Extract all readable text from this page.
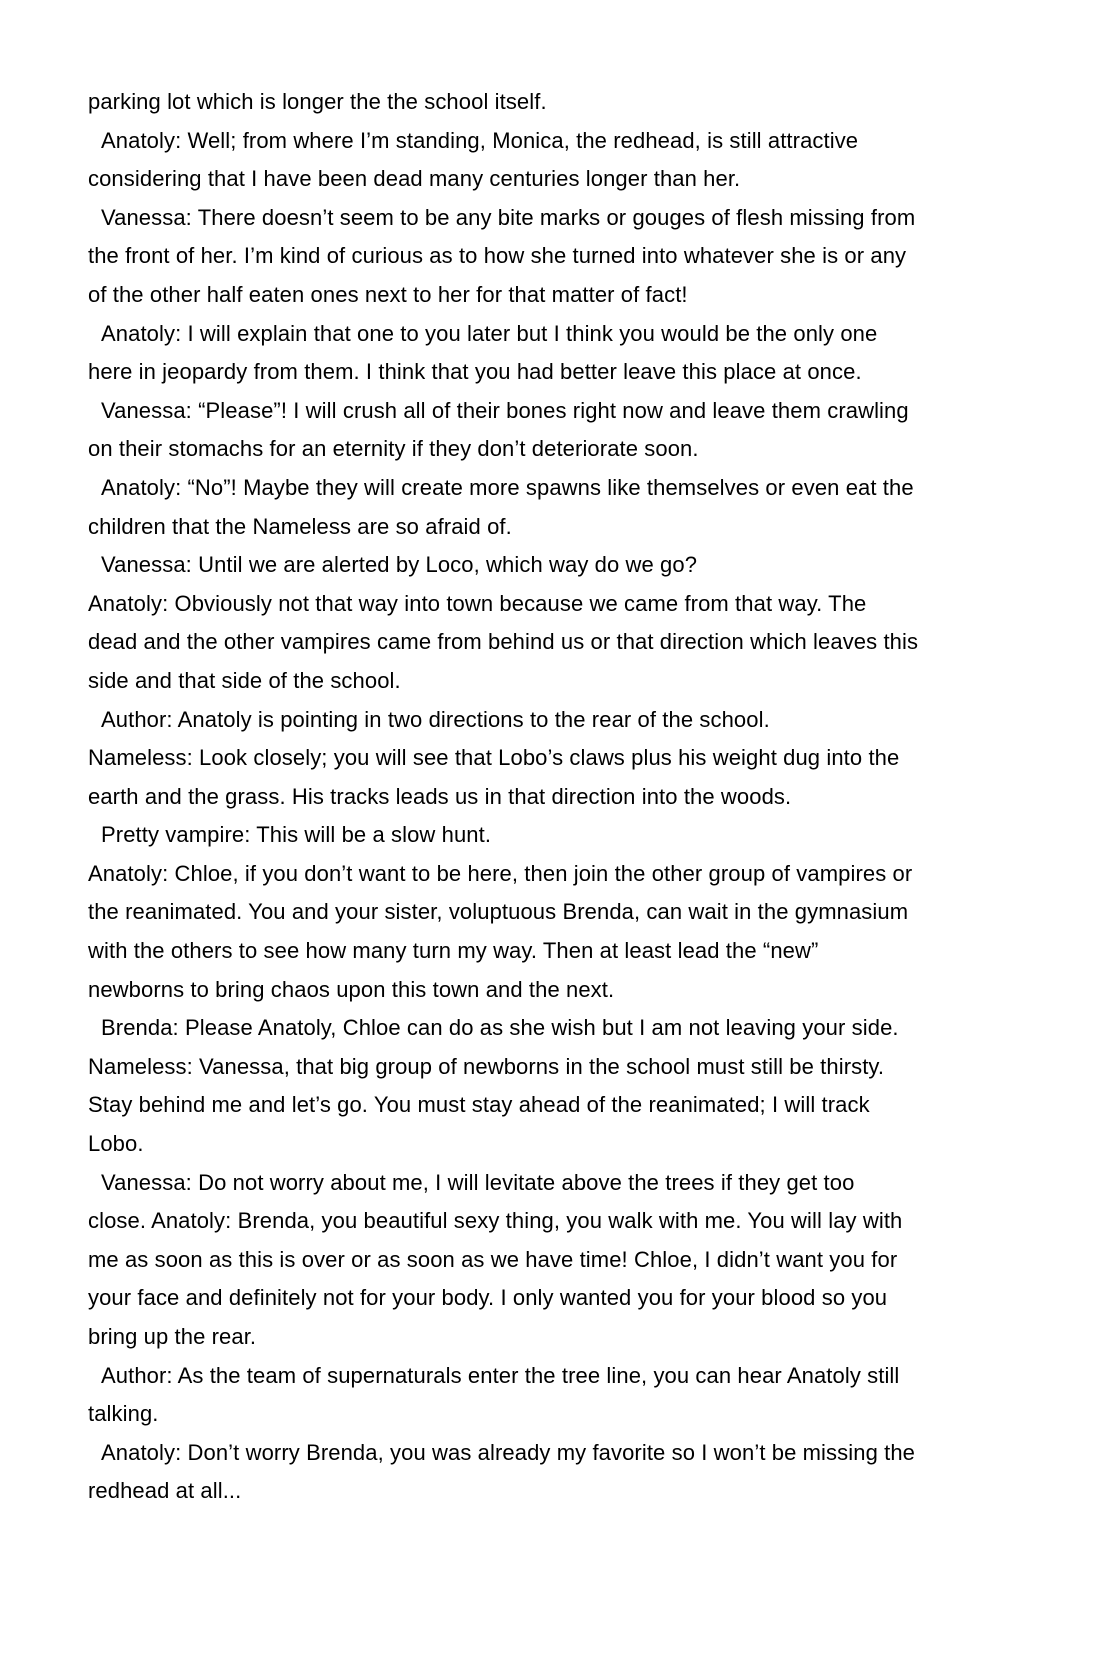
parking lot which is longer the the school itself.
Anatoly: Well; from where I’m standing, Monica, the redhead, is still attractive
considering that I have been dead many centuries longer than her.
Vanessa: There doesn’t seem to be any bite marks or gouges of flesh missing from
the front of her. I’m kind of curious as to how she turned into whatever she is or any
of the other half eaten ones next to her for that matter of fact!
Anatoly: I will explain that one to you later but I think you would be the only one
here in jeopardy from them. I think that you had better leave this place at once.
Vanessa: “Please”! I will crush all of their bones right now and leave them crawling
on their stomachs for an eternity if they don’t deteriorate soon.
Anatoly: “No”! Maybe they will create more spawns like themselves or even eat the
children that the Nameless are so afraid of.
Vanessa: Until we are alerted by Loco, which way do we go?
Anatoly: Obviously not that way into town because we came from that way. The
dead and the other vampires came from behind us or that direction which leaves this
side and that side of the school.
Author: Anatoly is pointing in two directions to the rear of the school.
Nameless: Look closely; you will see that Lobo’s claws plus his weight dug into the
earth and the grass. His tracks leads us in that direction into the woods.
Pretty vampire: This will be a slow hunt.
Anatoly: Chloe, if you don’t want to be here, then join the other group of vampires or
the reanimated. You and your sister, voluptuous Brenda, can wait in the gymnasium
with the others to see how many turn my way. Then at least lead the “new”
newborns to bring chaos upon this town and the next.
Brenda: Please Anatoly, Chloe can do as she wish but I am not leaving your side.
Nameless: Vanessa, that big group of newborns in the school must still be thirsty.
Stay behind me and let’s go. You must stay ahead of the reanimated; I will track
Lobo.
Vanessa: Do not worry about me, I will levitate above the trees if they get too
close. Anatoly: Brenda, you beautiful sexy thing, you walk with me. You will lay with
me as soon as this is over or as soon as we have time! Chloe, I didn’t want you for
your face and definitely not for your body. I only wanted you for your blood so you
bring up the rear.
Author: As the team of supernaturals enter the tree line, you can hear Anatoly still
talking.
Anatoly: Don’t worry Brenda, you was already my favorite so I won’t be missing the
redhead at all...
